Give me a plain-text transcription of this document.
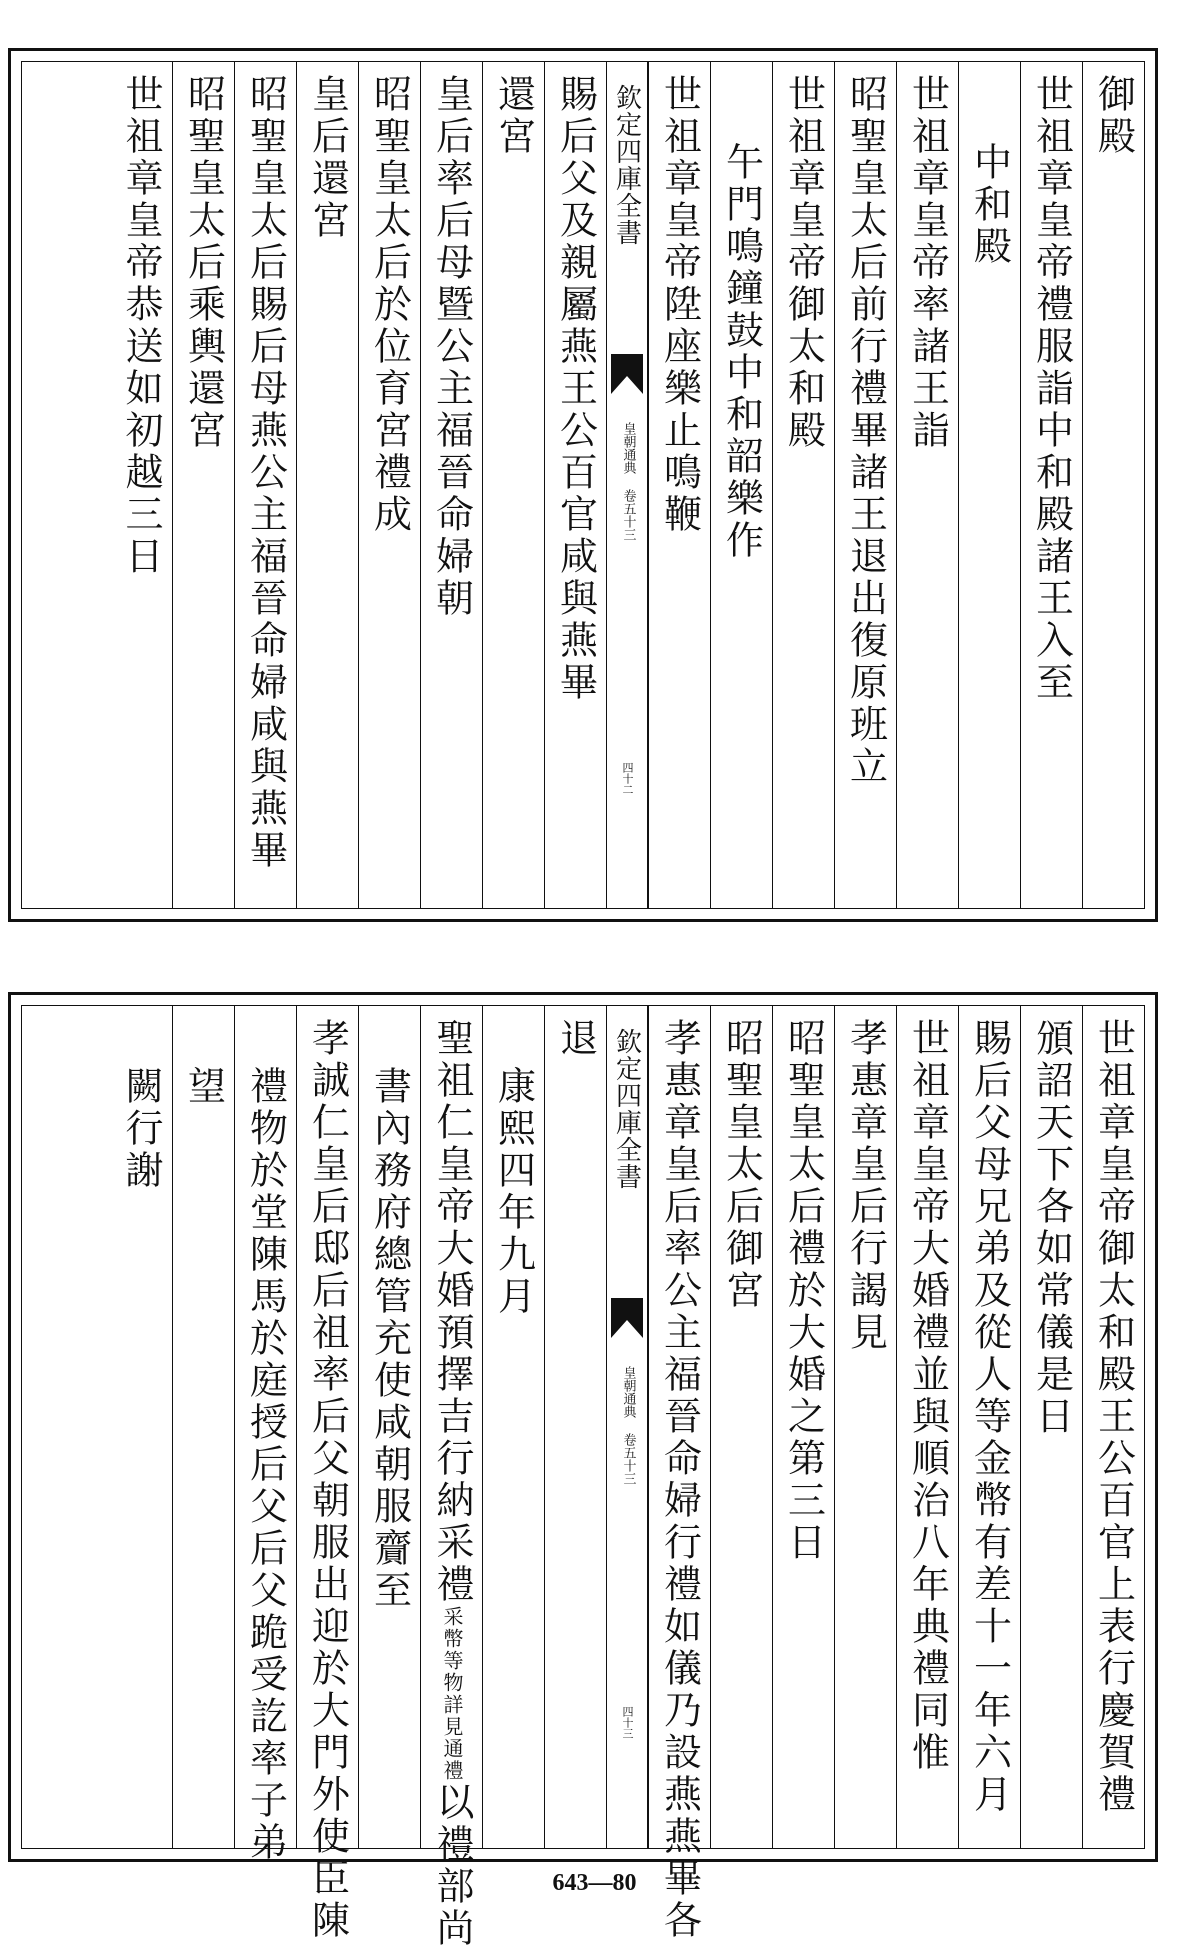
御殿
世祖章皇帝禮服詣中和殿諸王入至
中和殿
世祖章皇帝率諸王詣
昭聖皇太后前行禮畢諸王退出復原班立
世祖章皇帝御太和殿
午門鳴鐘鼓中和韶樂作
世祖章皇帝陞座樂止鳴鞭
欽定四庫全書
皇朝通典 卷五十三
四十二
賜后父及親屬燕王公百官咸與燕畢
還宮
皇后率后母暨公主福晉命婦朝
昭聖皇太后於位育宮禮成
皇后還宮
昭聖皇太后賜后母燕公主福晉命婦咸與燕畢
昭聖皇太后乘輿還宮
世祖章皇帝恭送如初越三日
世祖章皇帝御太和殿王公百官上表行慶賀禮
頒詔天下各如常儀是日
賜后父母兄弟及從人等金幣有差十一年六月
世祖章皇帝大婚禮並與順治八年典禮同惟
孝惠章皇后行謁見
昭聖皇太后禮於大婚之第三日
昭聖皇太后御宮
孝惠章皇后率公主福晉命婦行禮如儀乃設燕燕畢各
欽定四庫全書
皇朝通典 卷五十三
四十三
退
康熙四年九月
聖祖仁皇帝大婚預擇吉行納采禮采幣等物詳見通禮以禮部尚
書內務府總管充使咸朝服齎至
孝誠仁皇后邸后祖率后父朝服出迎於大門外使臣陳
禮物於堂陳馬於庭授后父后父跪受訖率子弟
望
闕行謝
643—80
